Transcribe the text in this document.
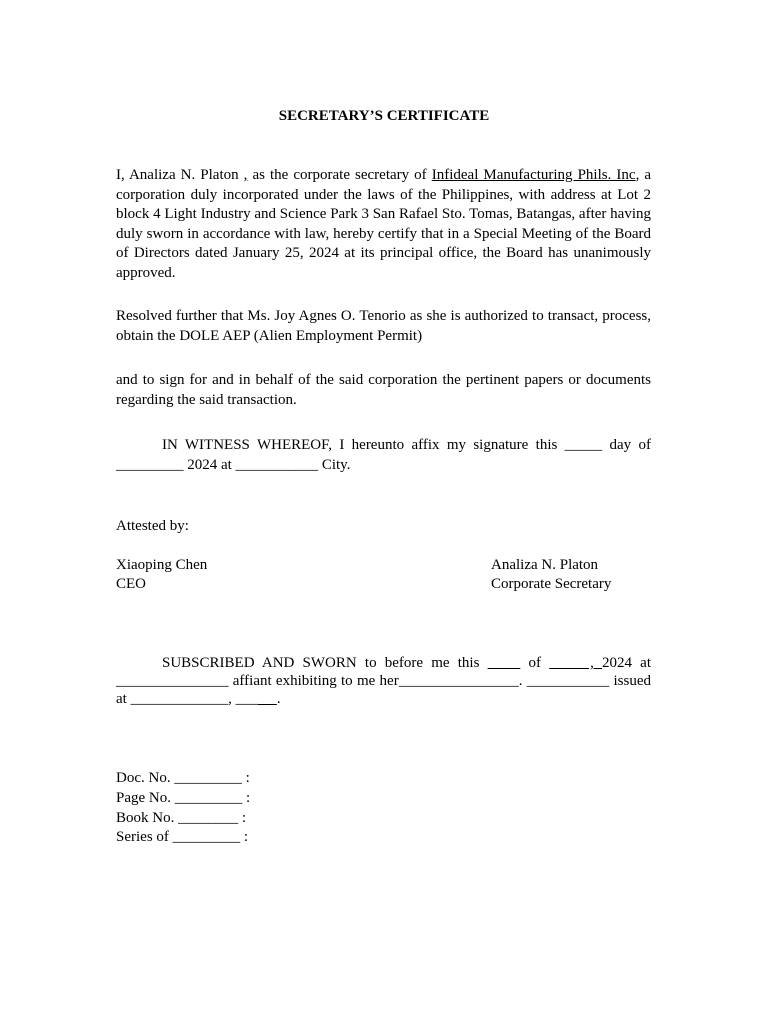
SECRETARY’S CERTIFICATE
I, Analiza N. Platon , as the corporate secretary of Infideal Manufacturing Phils. Inc, a corporation duly incorporated under the laws of the Philippines, with address at Lot 2 block 4 Light Industry and Science Park 3 San Rafael Sto. Tomas, Batangas, after having duly sworn in accordance with law, hereby certify that in a Special Meeting of the Board of Directors dated January 25, 2024 at its principal office, the Board has unanimously approved.
Resolved further that Ms. Joy Agnes O. Tenorio as she is authorized to transact, process, obtain the DOLE AEP (Alien Employment Permit)
and to sign for and in behalf of the said corporation the pertinent papers or documents regarding the said transaction.
IN WITNESS WHEREOF, I hereunto affix my signature this _____ day of _________ 2024 at ___________ City.
Attested by:
Xiaoping Chen	Analiza N. Platon
CEO	Corporate Secretary
SUBSCRIBED AND SWORN to before me this      of      , 2024 at _______________ affiant exhibiting to me her________________. ___________ issued at _____________, ___ .
Doc. No. _________ :
Page No. _________ :
Book No. ________ :
Series of _________ :
